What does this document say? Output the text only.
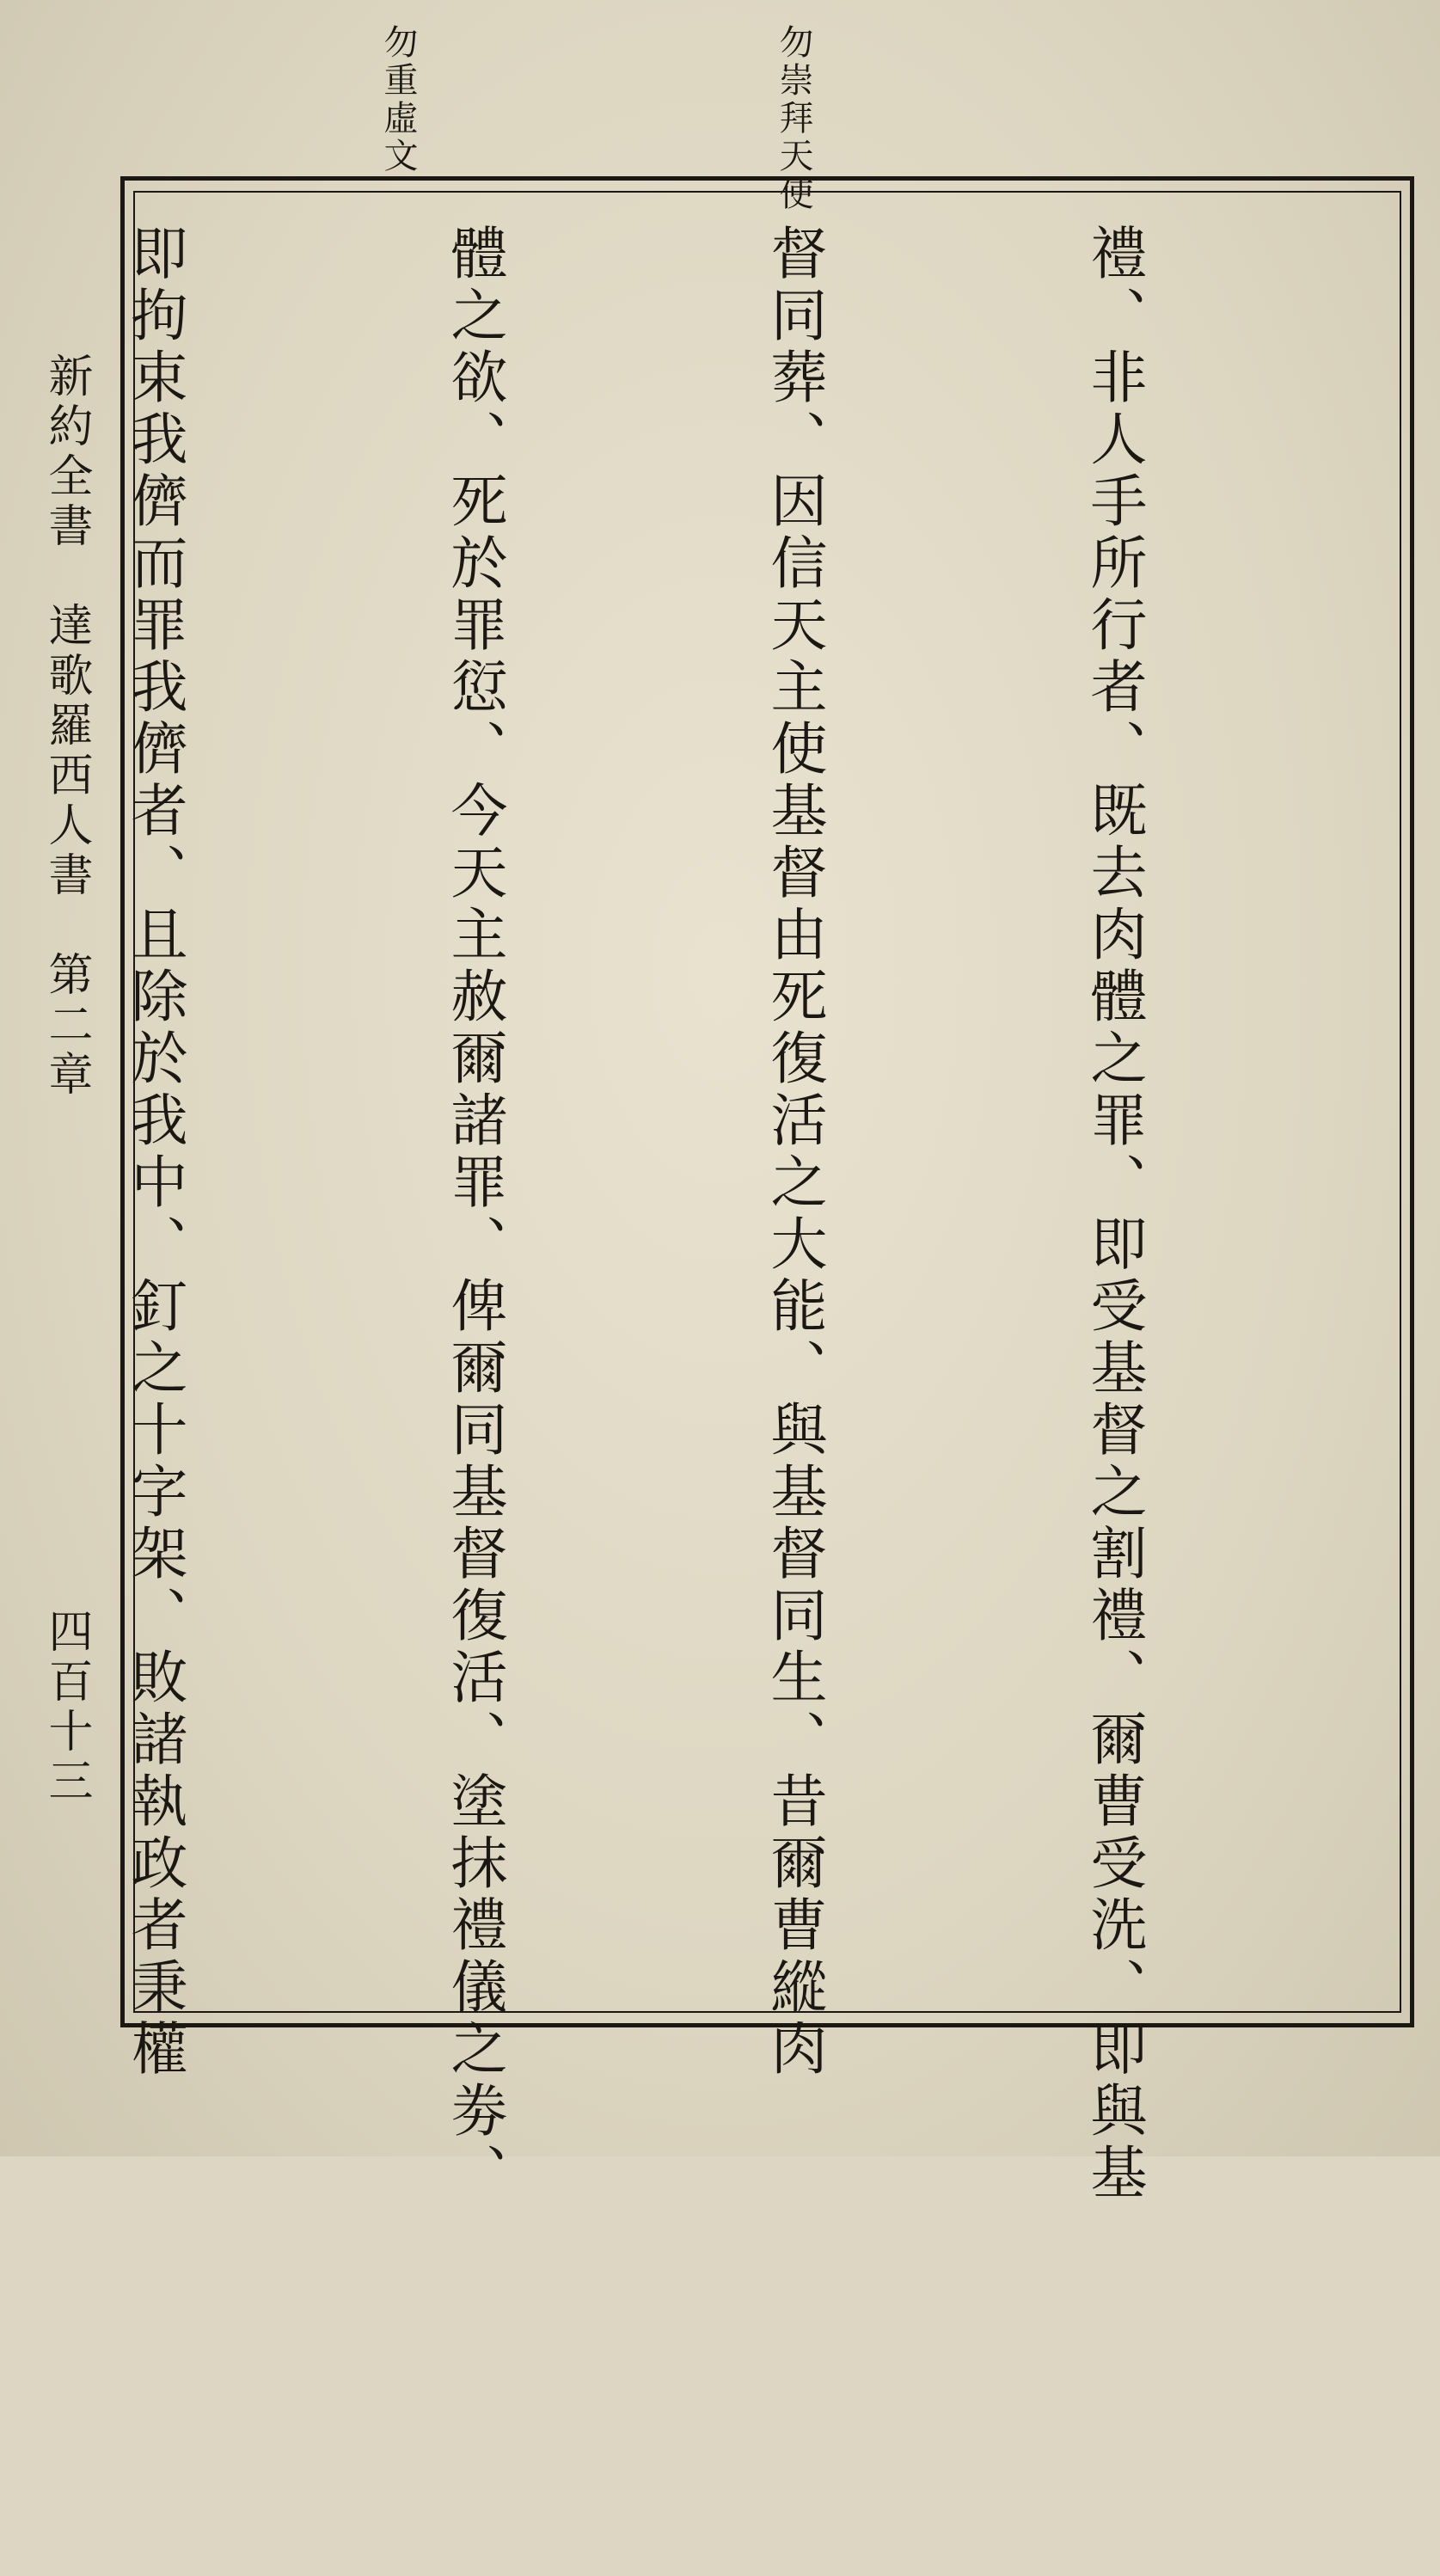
勿崇拜天使
勿重虛文

禮、非人手所行者、既去肉體之罪、即受基督之割禮、爾曹受洗、即與基

督同葬、因信天主使基督由死復活之大能、與基督同生、昔爾曹縱肉

體之欲、死於罪愆、今天主赦爾諸罪、俾爾同基督復活、塗抹禮儀之劵、

即拘束我儕而罪我儕者、且除於我中、釘之十字架、敗諸執政者秉權

新約全書　達歌羅西人書　第二章
四百十三
